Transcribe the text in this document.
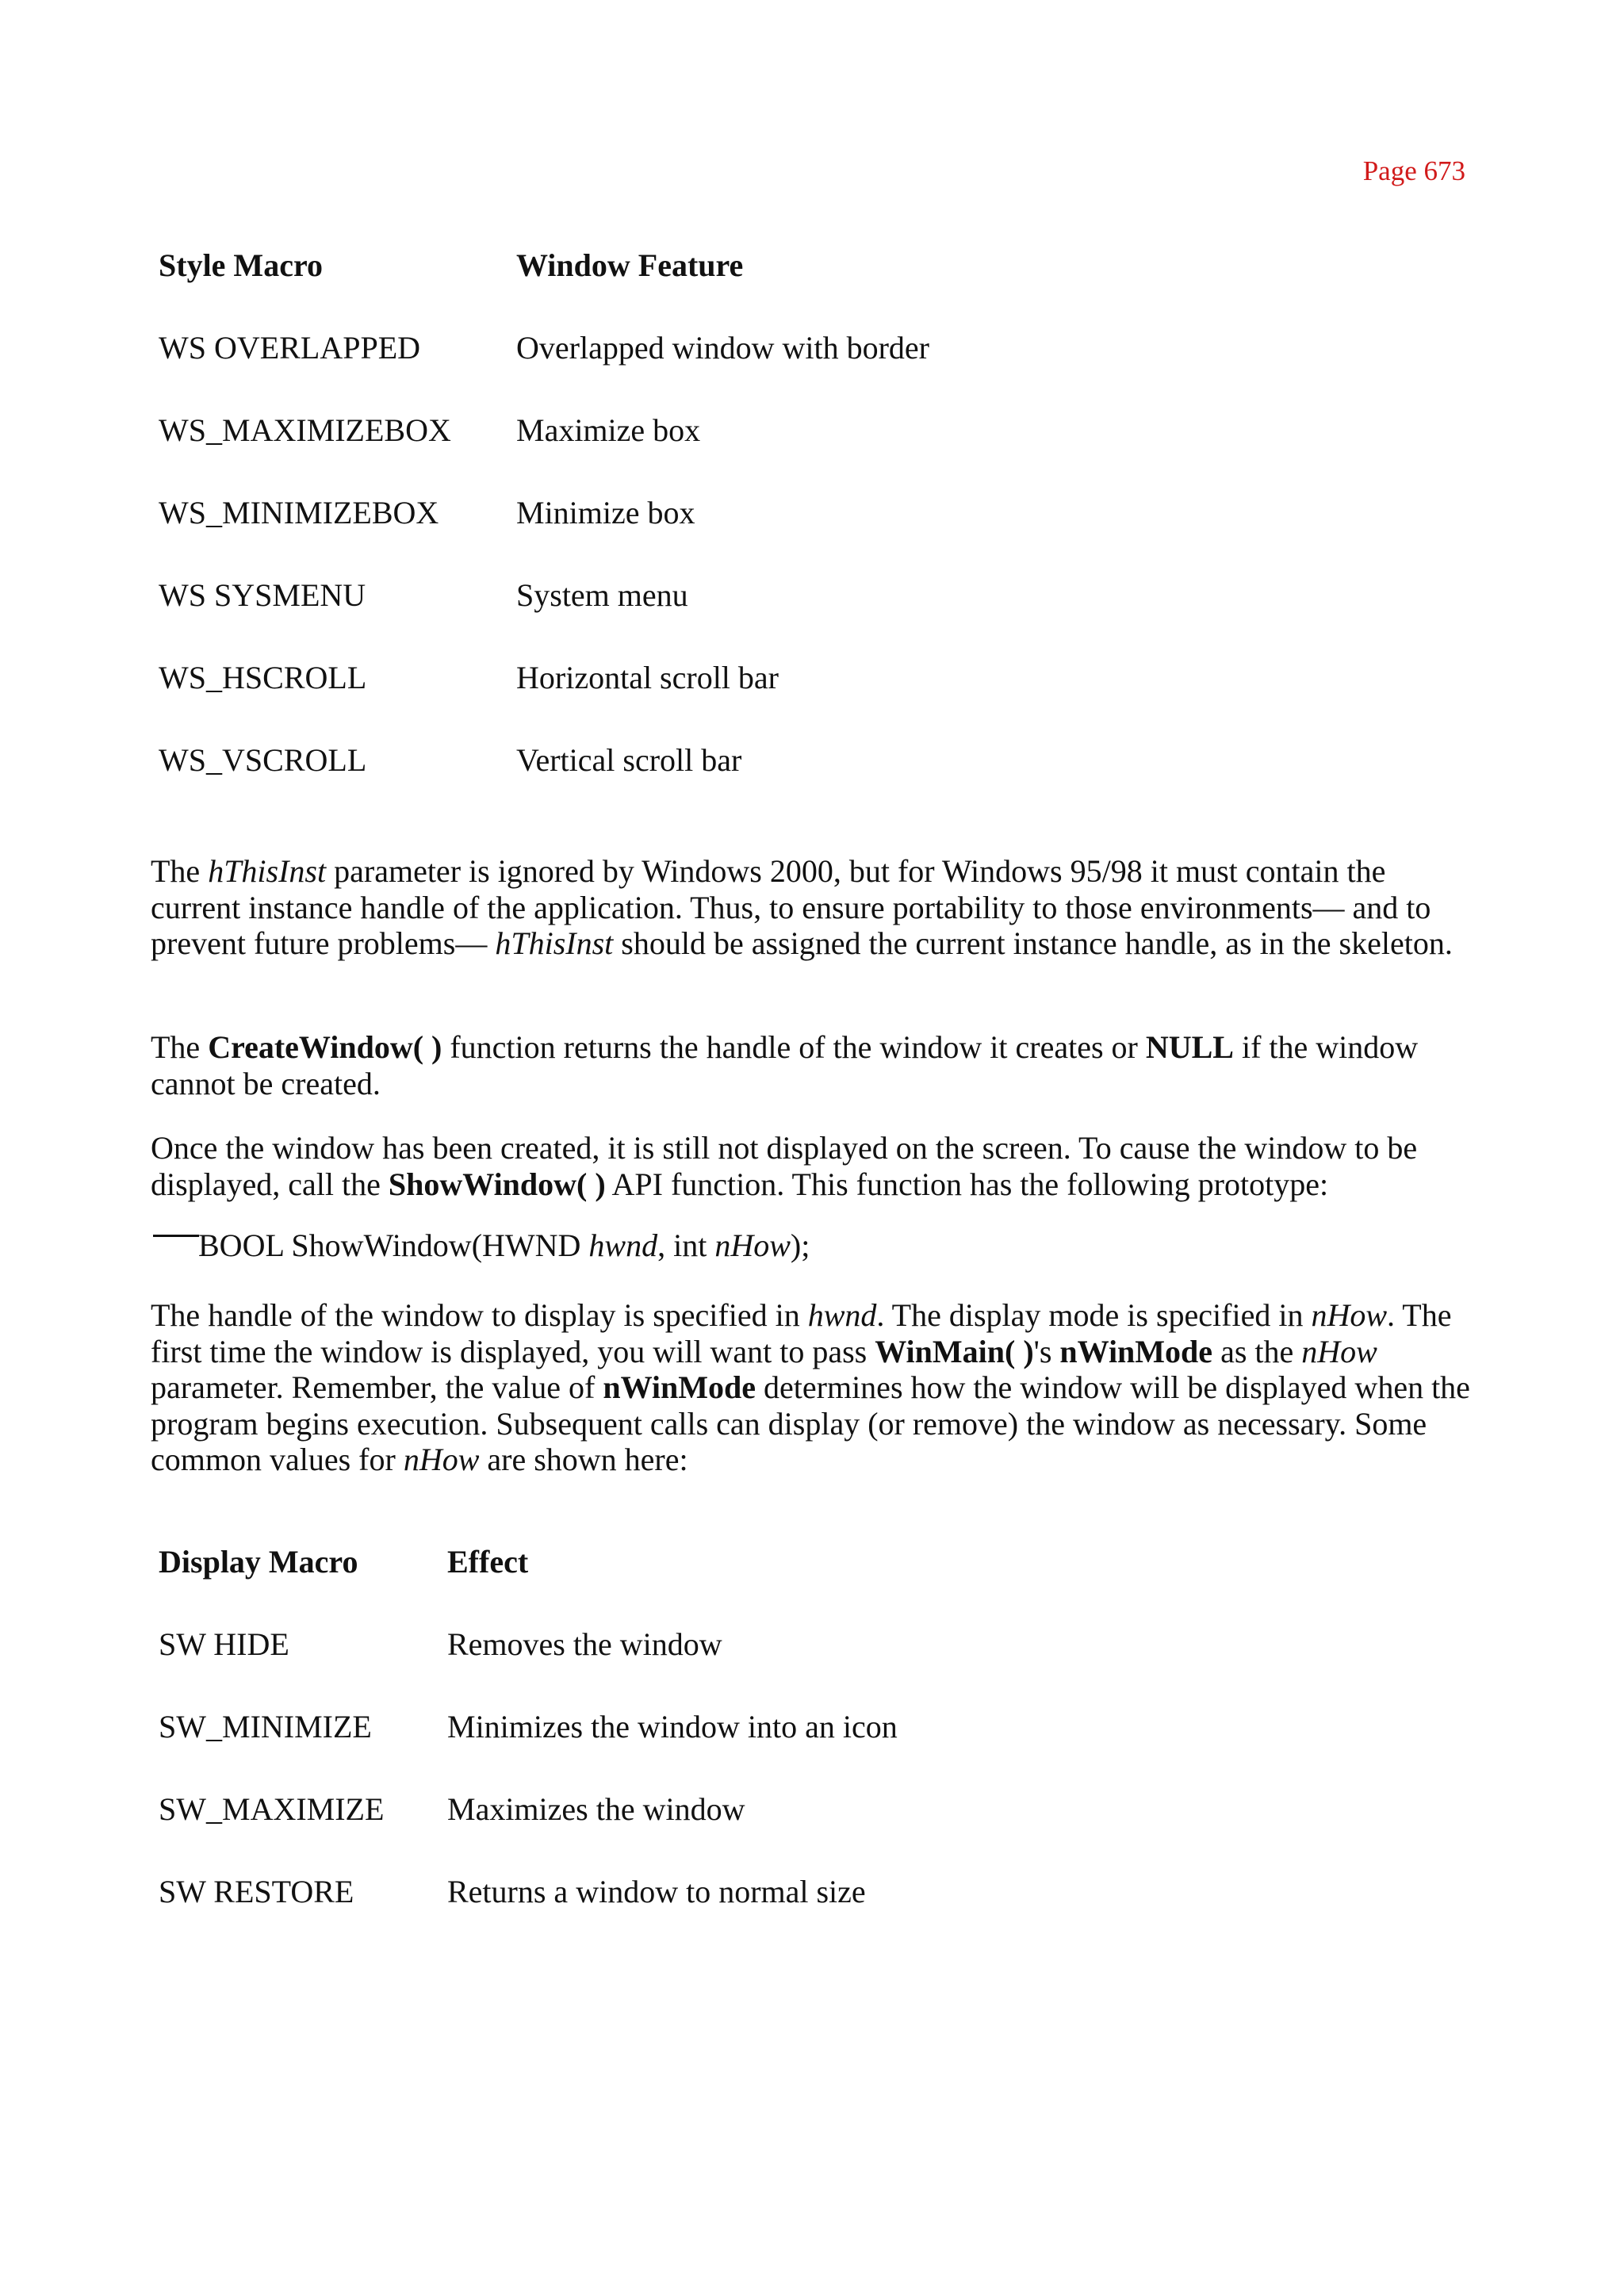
Page 673
Style Macro	Window Feature
WS OVERLAPPED	Overlapped window with border
WS_MAXIMIZEBOX	Maximize box
WS_MINIMIZEBOX	Minimize box
WS SYSMENU	System menu
WS_HSCROLL	Horizontal scroll bar
WS_VSCROLL	Vertical scroll bar

The hThisInst parameter is ignored by Windows 2000, but for Windows 95/98 it must contain the current instance handle of the application. Thus, to ensure portability to those environments— and to prevent future problems— hThisInst should be assigned the current instance handle, as in the skeleton.

The CreateWindow( ) function returns the handle of the window it creates or NULL if the window cannot be created.

Once the window has been created, it is still not displayed on the screen. To cause the window to be displayed, call the ShowWindow( ) API function. This function has the following prototype:

BOOL ShowWindow(HWND hwnd, int nHow);

The handle of the window to display is specified in hwnd. The display mode is specified in nHow. The first time the window is displayed, you will want to pass WinMain( )'s nWinMode as the nHow parameter. Remember, the value of nWinMode determines how the window will be displayed when the program begins execution. Subsequent calls can display (or remove) the window as necessary. Some common values for nHow are shown here:

Display Macro	Effect
SW HIDE	Removes the window
SW_MINIMIZE	Minimizes the window into an icon
SW_MAXIMIZE	Maximizes the window
SW RESTORE	Returns a window to normal size
